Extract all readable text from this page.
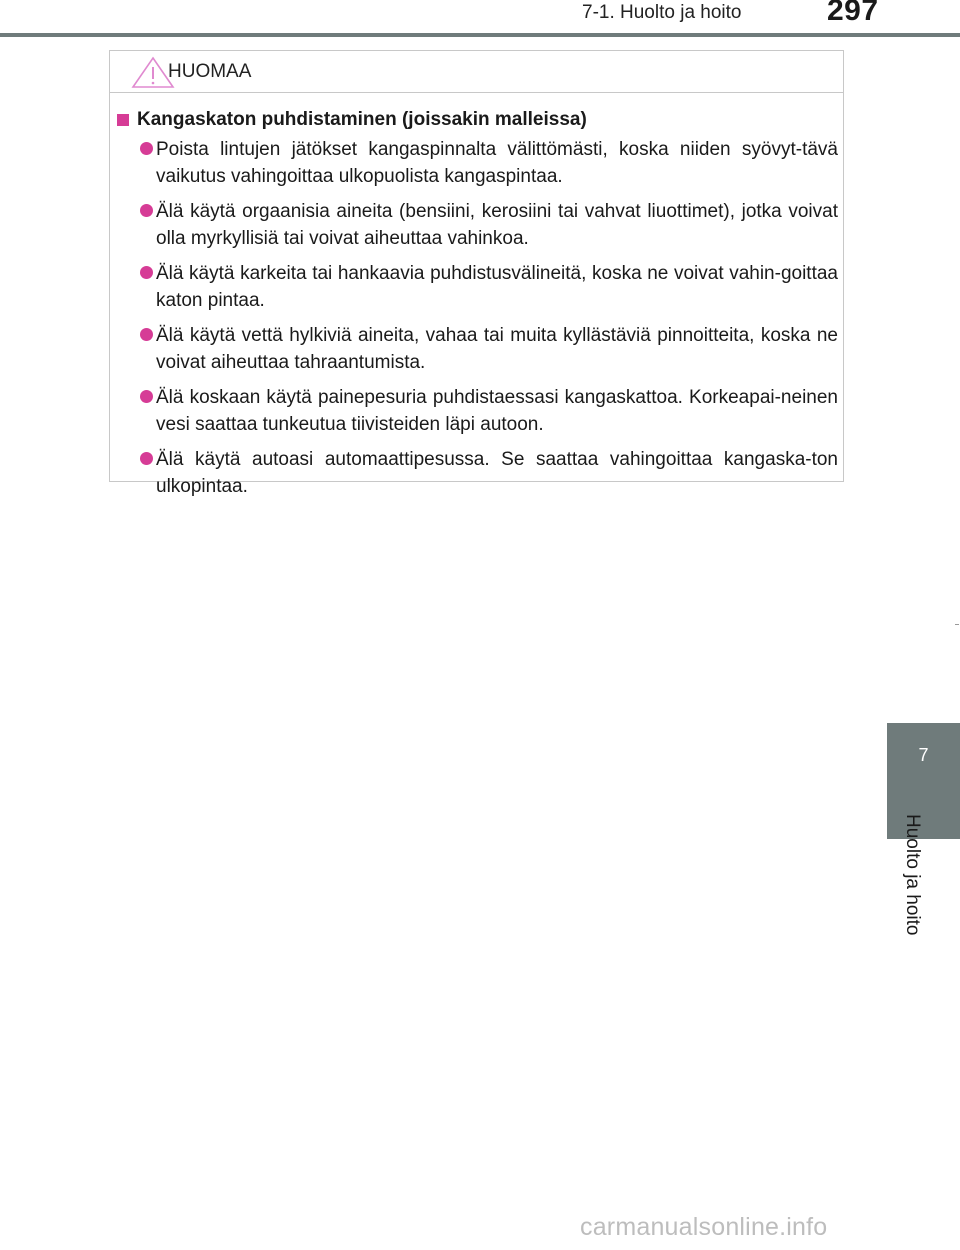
7-1. Huolto ja hoito	297
HUOMAA
Kangaskaton puhdistaminen (joissakin malleissa)
Poista lintujen jätökset kangaspinnalta välittömästi, koska niiden syövyt-tävä vaikutus vahingoittaa ulkopuolista kangaspintaa.
Älä käytä orgaanisia aineita (bensiini, kerosiini tai vahvat liuottimet), jotka voivat olla myrkyllisiä tai voivat aiheuttaa vahinkoa.
Älä käytä karkeita tai hankaavia puhdistusvälineitä, koska ne voivat vahin-goittaa katon pintaa.
Älä käytä vettä hylkiviä aineita, vahaa tai muita kyllästäviä pinnoitteita, koska ne voivat aiheuttaa tahraantumista.
Älä koskaan käytä painepesuria puhdistaessasi kangaskattoa. Korkeapai-neinen vesi saattaa tunkeutua tiivisteiden läpi autoon.
Älä käytä autoasi automaattipesussa. Se saattaa vahingoittaa kangaska-ton ulkopintaa.
7
Huolto ja hoito
carmanualsonline.info
